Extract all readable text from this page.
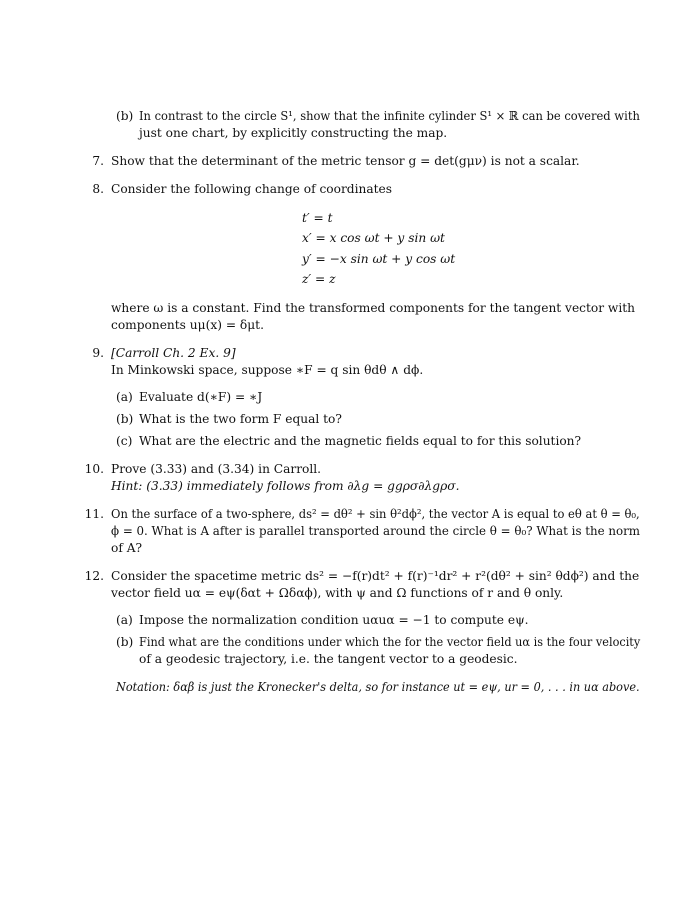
(b) In contrast to the circle S¹, show that the infinite cylinder S¹ × ℝ can be covered with
just one chart, by explicitly constructing the map.
7. Show that the determinant of the metric tensor g = det(gμν) is not a scalar.
8. Consider the following change of coordinates
t′ = t
x′ = x cos ωt + y sin ωt
y′ = −x sin ωt + y cos ωt
z′ = z
where ω is a constant. Find the transformed components for the tangent vector with
components uμ(x) = δμt.
9. [Carroll Ch. 2 Ex. 9]
In Minkowski space, suppose ∗F = q sin θdθ ∧ dϕ.
(a) Evaluate d(∗F) = ∗J
(b) What is the two form F equal to?
(c) What are the electric and the magnetic fields equal to for this solution?
10. Prove (3.33) and (3.34) in Carroll.
Hint: (3.33) immediately follows from ∂λg = ggρσ∂λgρσ.
11. On the surface of a two-sphere, ds² = dθ² + sin θ²dϕ², the vector A is equal to eθ at θ = θ₀,
ϕ = 0. What is A after is parallel transported around the circle θ = θ₀? What is the norm
of A?
12. Consider the spacetime metric ds² = −f(r)dt² + f(r)⁻¹dr² + r²(dθ² + sin² θdϕ²) and the
vector field uα = eψ(δαt + Ωδαϕ), with ψ and Ω functions of r and θ only.
(a) Impose the normalization condition uαuα = −1 to compute eψ.
(b) Find what are the conditions under which the for the vector field uα is the four velocity
of a geodesic trajectory, i.e. the tangent vector to a geodesic.
Notation: δαβ is just the Kronecker's delta, so for instance ut = eψ, ur = 0, . . . in uα above.
